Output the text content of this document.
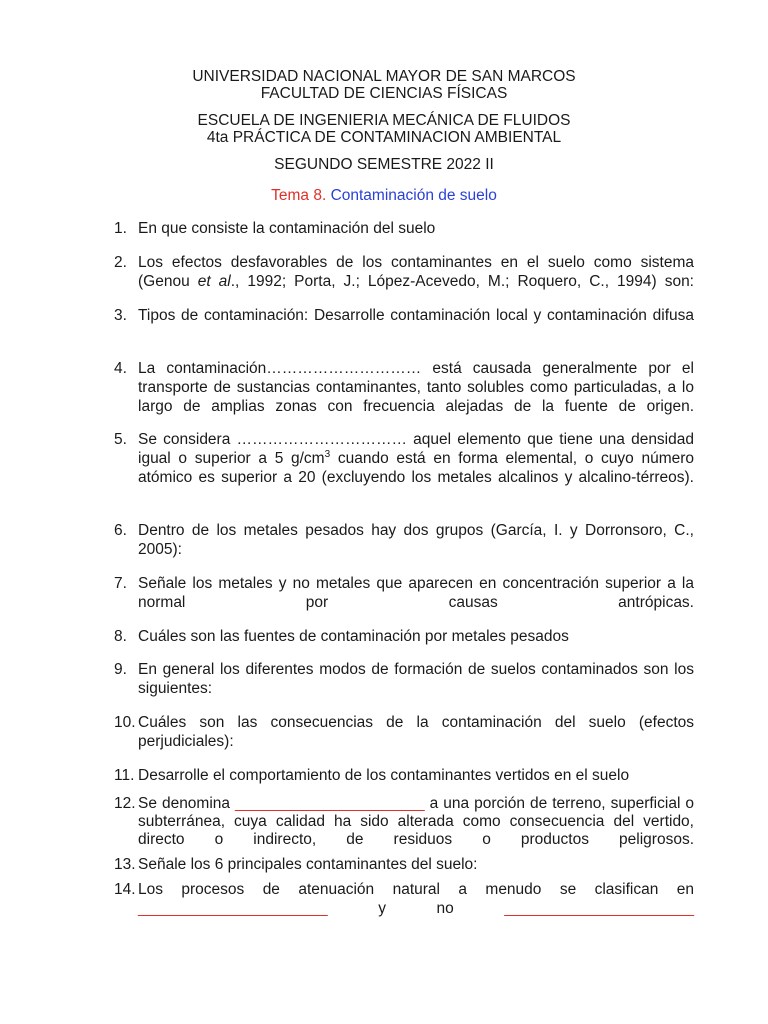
UNIVERSIDAD NACIONAL MAYOR DE SAN MARCOS
FACULTAD DE CIENCIAS FÍSICAS
ESCUELA DE INGENIERIA MECÁNICA DE FLUIDOS
4ta PRÁCTICA DE CONTAMINACION AMBIENTAL
SEGUNDO SEMESTRE 2022 II
Tema 8. Contaminación de suelo
1. En que consiste la contaminación del suelo
2. Los efectos desfavorables de los contaminantes en el suelo como sistema (Genou et al., 1992; Porta, J.; López-Acevedo, M.; Roquero, C., 1994) son:
3. Tipos de contaminación: Desarrolle contaminación local y contaminación difusa
4. La contaminación………………………… está causada generalmente por el transporte de sustancias contaminantes, tanto solubles como particuladas, a lo largo de amplias zonas con frecuencia alejadas de la fuente de origen.
5. Se considera …………………………… aquel elemento que tiene una densidad igual o superior a 5 $g/cm^3$ cuando está en forma elemental, o cuyo número atómico es superior a 20 (excluyendo los metales alcalinos y alcalino-térreos).
6. Dentro de los metales pesados hay dos grupos (García, I. y Dorronsoro, C., 2005):
7. Señale los metales y no metales que aparecen en concentración superior a la normal por causas antrópicas.
8. Cuáles son las fuentes de contaminación por metales pesados
9. En general los diferentes modos de formación de suelos contaminados son los siguientes:
10. Cuáles son las consecuencias de la contaminación del suelo (efectos perjudiciales):
11. Desarrolle el comportamiento de los contaminantes vertidos en el suelo
12. Se denomina ______________________ a una porción de terreno, superficial o subterránea, cuya calidad ha sido alterada como consecuencia del vertido, directo o indirecto, de residuos o productos peligrosos.
13. Señale los 6 principales contaminantes del suelo:
14. Los procesos de atenuación natural a menudo se clasifican en ______________________ y no ______________________
